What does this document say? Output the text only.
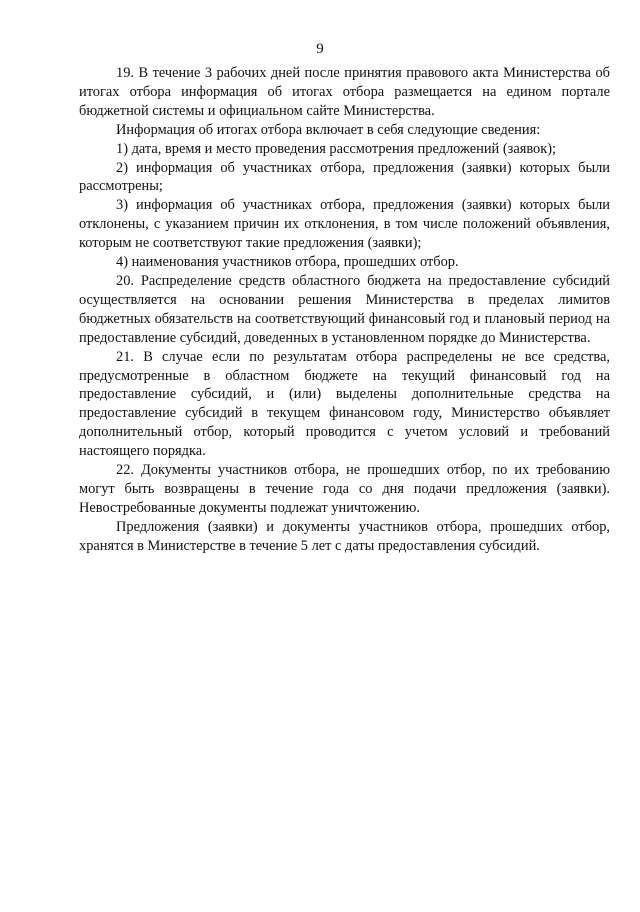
9

19. В течение 3 рабочих дней после принятия правового акта Министерства об итогах отбора информация об итогах отбора размещается на едином портале бюджетной системы и официальном сайте Министерства.

Информация об итогах отбора включает в себя следующие сведения:

1) дата, время и место проведения рассмотрения предложений (заявок);

2) информация об участниках отбора, предложения (заявки) которых были рассмотрены;

3) информация об участниках отбора, предложения (заявки) которых были отклонены, с указанием причин их отклонения, в том числе положений объявления, которым не соответствуют такие предложения (заявки);

4) наименования участников отбора, прошедших отбор.

20. Распределение средств областного бюджета на предоставление субсидий осуществляется на основании решения Министерства в пределах лимитов бюджетных обязательств на соответствующий финансовый год и плановый период на предоставление субсидий, доведенных в установленном порядке до Министерства.

21. В случае если по результатам отбора распределены не все средства, предусмотренные в областном бюджете на текущий финансовый год на предоставление субсидий, и (или) выделены дополнительные средства на предоставление субсидий в текущем финансовом году, Министерство объявляет дополнительный отбор, который проводится с учетом условий и требований настоящего порядка.

22. Документы участников отбора, не прошедших отбор, по их требованию могут быть возвращены в течение года со дня подачи предложения (заявки). Невостребованные документы подлежат уничтожению.

Предложения (заявки) и документы участников отбора, прошедших отбор, хранятся в Министерстве в течение 5 лет с даты предоставления субсидий.
